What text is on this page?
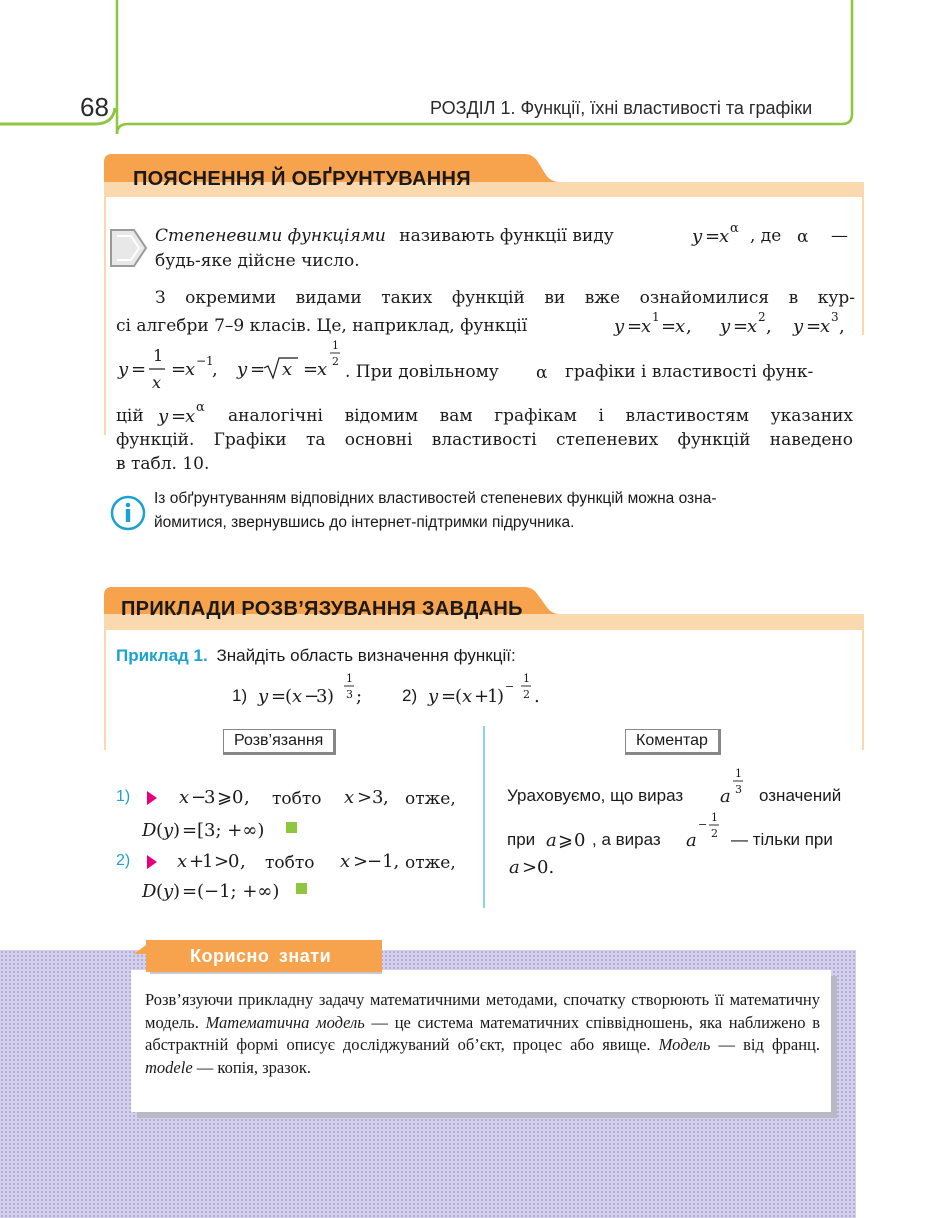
68	РОЗДІЛ 1. Функції, їхні властивості та графіки
ПОЯСНЕННЯ Й ОБҐРУНТУВАННЯ
Степеневими функціями називають функції виду	y =
x α , де α —
будь-яке дійсне число.
З окремими видами таких функцій ви вже ознайомилися в кур-
сі алгебри 7–9 класів. Це, наприклад, функції	y =
x 1 =
x , y =
x 2 , y =
x 3 ,
y =
1
x
=
x −1
, y = x =
x
1
2
. При довільному α графіки і властивості функ-
цій y =
x α аналогічні відомим вам графікам і властивостям указаних
функцій. Графіки та основні властивості степеневих функцій наведено
в табл. 10.
Із обґрунтуванням відповідних властивостей степеневих функцій можна озна-
йомитися, звернувшись до інтернет-підтримки підручника.
ПРИКЛАДИ РОЗВ’ЯЗУВАННЯ ЗАВДАНЬ
Приклад 1. Знайдіть область визначення функції:
1) y =
( x −
3 )
1
3 ; 2) y =
( x +
1
) −
1
2 .
Розв’язання	Коментар
1)	x −
3 ⩾ 0 , тобто x > 3 , отже,
D ( y ) = [3; +∞)
2)	x +
1 >
0 , тобто x >
−1, отже,
D ( y ) = (−1; +∞)
Ураховуємо, що вираз a
1
3 означений
при a ⩾ 0 , а вираз a
−
1
2 — тільки при
a > 0.
Корисно знати
Розв’язуючи прикладну задачу математичними методами, спочатку створюють її математичну модель. Математична модель — це система математичних співвідношень, яка наближено в абстрактній формі описує досліджуваний об’єкт, процес або явище. Модель — від франц. modele — копія, зразок.
